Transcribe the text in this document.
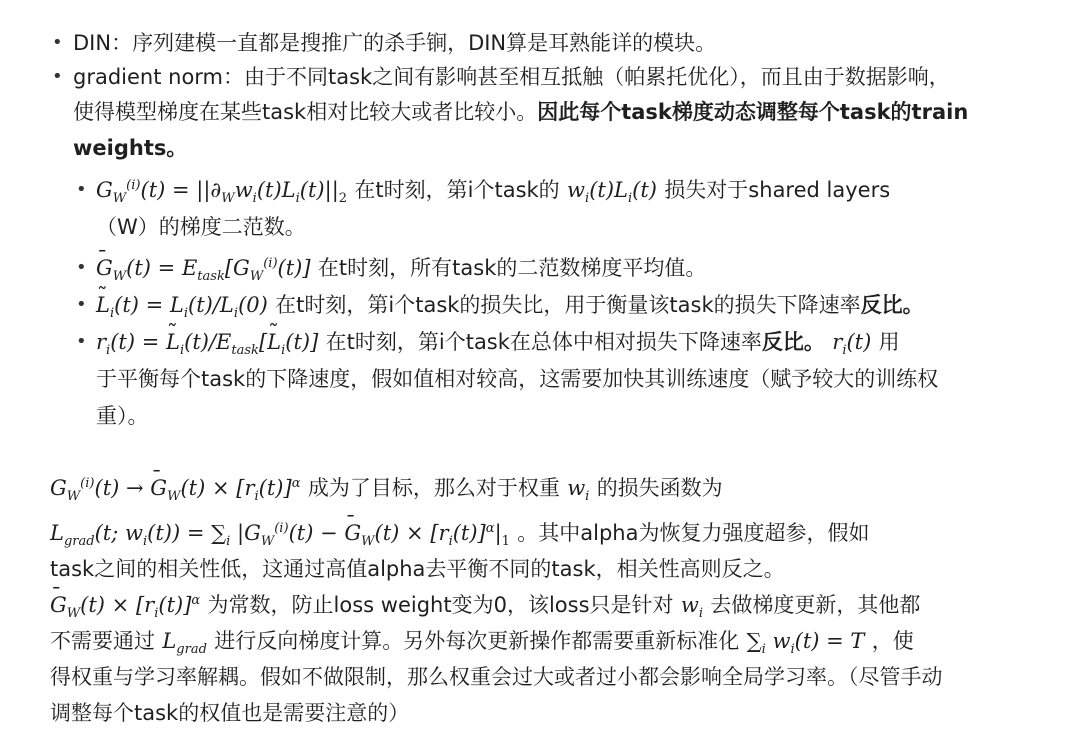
• DIN：序列建模一直都是搜推广的杀手锏，DIN算是耳熟能详的模块。
• gradient norm：由于不同task之间有影响甚至相互抵触（帕累托优化），而且由于数据影响，
使得模型梯度在某些task相对比较大或者比较小。因此每个task梯度动态调整每个task的train
weights。
• $G_W^{(i)}(t) = ||\partial_Ww_i(t)L_i(t)||_2$ 在t时刻，第i个task的 $w_i(t)L_i(t)$ 损失对于shared layers
（W）的梯度二范数。
• ¯ $G_W(t) = E_{task}[G_W^{(i)}(t)]$ 在t时刻，所有task的二范数梯度平均值。
• ˜ $L_i(t) = L_i(t)/L_i(0)$ 在t时刻，第i个task的损失比，用于衡量该task的损失下降速率反比。
• $r_i(t)$ = ˜ $L_i(t)/E_{task}[˜$ $L_i(t)$] 在t时刻，第i个task在总体中相对损失下降速率反比。 $r_i(t)$ 用
于平衡每个task的下降速度，假如值相对较高，这需要加快其训练速度（赋予较大的训练权
重）。
$G_W^{(i)}(t)$ → ¯ $G_W(t) \times [r_i(t)]^\alpha$ 成为了目标，那么对于权重 $w_i$ 的损失函数为
$L_{grad}(t$; $w_i(t)) = \sum_i$ $|G_W^{(i)}(t)$ − ¯ $G_W(t) \times [r_i(t)]^\alpha|_1$ 。其中alpha为恢复力强度超参，假如
task之间的相关性低，这通过高值alpha去平衡不同的task，相关性高则反之。
¯ $G_W(t) \times [r_i(t)]^\alpha$ 为常数，防止loss weight变为0，该loss只是针对 $w_i$ 去做梯度更新，其他都
不需要通过 $L_{grad}$ 进行反向梯度计算。另外每次更新操作都需要重新标准化 $\sum_i$ $w_i(t) = T$ ，使
得权重与学习率解耦。假如不做限制，那么权重会过大或者过小都会影响全局学习率。（尽管手动
调整每个task的权值也是需要注意的）
